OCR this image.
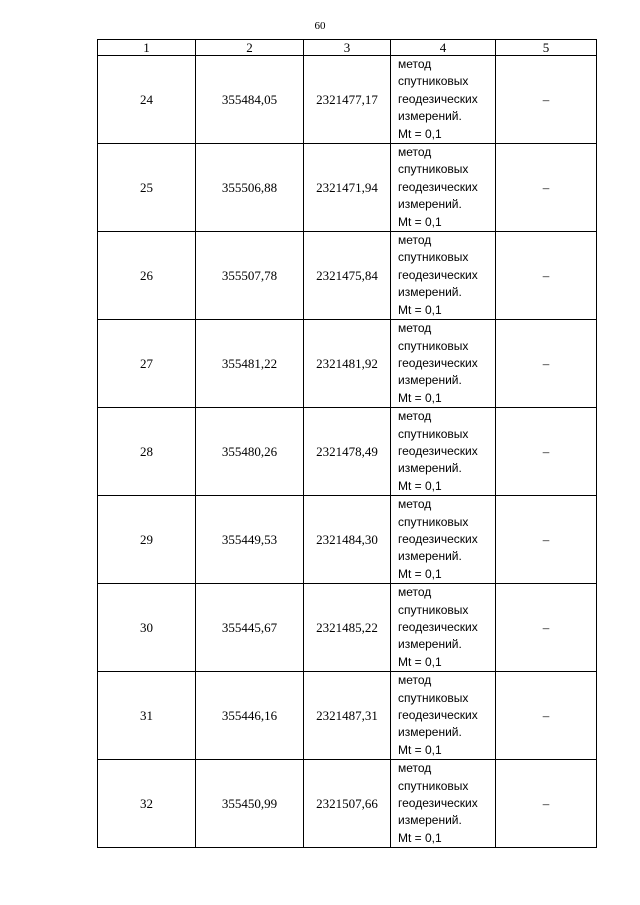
60
1	2	3	4	5
24	355484,05	2321477,17	метод
спутниковых
геодезических
измерений.
Mt = 0,1	–
25	355506,88	2321471,94	метод
спутниковых
геодезических
измерений.
Mt = 0,1	–
26	355507,78	2321475,84	метод
спутниковых
геодезических
измерений.
Mt = 0,1	–
27	355481,22	2321481,92	метод
спутниковых
геодезических
измерений.
Mt = 0,1	–
28	355480,26	2321478,49	метод
спутниковых
геодезических
измерений.
Mt = 0,1	–
29	355449,53	2321484,30	метод
спутниковых
геодезических
измерений.
Mt = 0,1	–
30	355445,67	2321485,22	метод
спутниковых
геодезических
измерений.
Mt = 0,1	–
31	355446,16	2321487,31	метод
спутниковых
геодезических
измерений.
Mt = 0,1	–
32	355450,99	2321507,66	метод
спутниковых
геодезических
измерений.
Mt = 0,1	–
